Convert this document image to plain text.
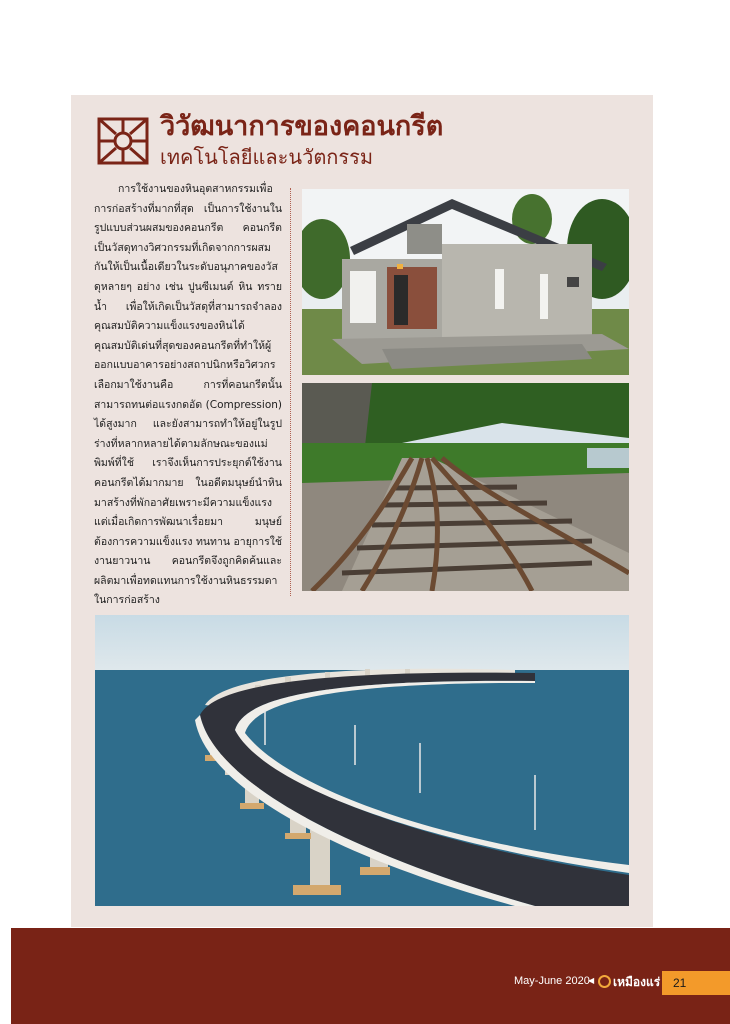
วิวัฒนาการของคอนกรีต
เทคโนโลยีและนวัตกรรม

การใช้งานของหินอุตสาหกรรมเพื่อการก่อสร้างที่มากที่สุด เป็นการใช้งานในรูปแบบส่วนผสมของคอนกรีต คอนกรีตเป็นวัสดุทางวิศวกรรมที่เกิดจากการผสมกันให้เป็นเนื้อเดียวในระดับอนุภาคของวัสดุหลายๆ อย่าง เช่น ปูนซีเมนต์ หิน ทราย น้ำ เพื่อให้เกิดเป็นวัสดุที่สามารถจำลองคุณสมบัติความแข็งแรงของหินได้ คุณสมบัติเด่นที่สุดของคอนกรีตที่ทำให้ผู้ออกแบบอาคารอย่างสถาปนิกหรือวิศวกรเลือกมาใช้งานคือ การที่คอนกรีตนั้นสามารถทนต่อแรงกดอัด (Compression) ได้สูงมาก และยังสามารถทำให้อยู่ในรูปร่างที่หลากหลายได้ตามลักษณะของแม่พิมพ์ที่ใช้ เราจึงเห็นการประยุกต์ใช้งานคอนกรีตได้มากมาย ในอดีตมนุษย์นำหินมาสร้างที่พักอาศัยเพราะมีความแข็งแรง แต่เมื่อเกิดการพัฒนาเรื่อยมา มนุษย์ต้องการความแข็งแรง ทนทาน อายุการใช้งานยาวนาน คอนกรีตจึงถูกคิดค้นและผลิตมาเพื่อทดแทนการใช้งานหินธรรมดาในการก่อสร้าง

May-June 2020
◀	เหมืองแร่	21
